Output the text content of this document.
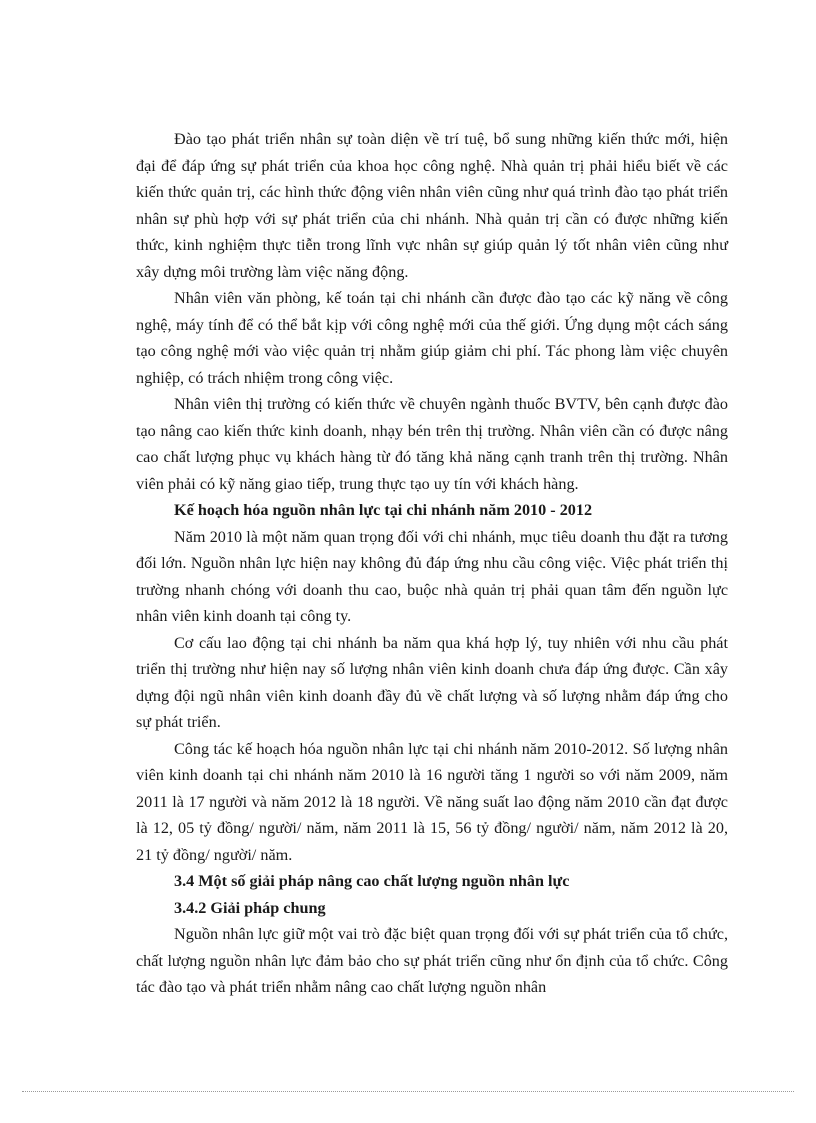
Đào tạo phát triển nhân sự toàn diện về trí tuệ, bổ sung những kiến thức mới, hiện đại để đáp ứng sự phát triển của khoa học công nghệ. Nhà quản trị phải hiểu biết về các kiến thức quản trị, các hình thức động viên nhân viên cũng như quá trình đào tạo phát triển nhân sự phù hợp với sự phát triển của chi nhánh. Nhà quản trị cần có được những kiến thức, kinh nghiệm thực tiễn trong lĩnh vực nhân sự giúp quản lý tốt nhân viên cũng như xây dựng môi trường làm việc năng động.

Nhân viên văn phòng, kế toán tại chi nhánh cần được đào tạo các kỹ năng về công nghệ, máy tính để có thể bắt kịp với công nghệ mới của thế giới. Ứng dụng một cách sáng tạo công nghệ mới vào việc quản trị nhằm giúp giảm chi phí. Tác phong làm việc chuyên nghiệp, có trách nhiệm trong công việc.

Nhân viên thị trường có kiến thức về chuyên ngành thuốc BVTV, bên cạnh được đào tạo nâng cao kiến thức kinh doanh, nhạy bén trên thị trường. Nhân viên cần có được nâng cao chất lượng phục vụ khách hàng từ đó tăng khả năng cạnh tranh trên thị trường. Nhân viên phải có kỹ năng giao tiếp, trung thực tạo uy tín với khách hàng.

Kế hoạch hóa nguồn nhân lực tại chi nhánh năm 2010 - 2012

Năm 2010 là một năm quan trọng đối với chi nhánh, mục tiêu doanh thu đặt ra tương đối lớn. Nguồn nhân lực hiện nay không đủ đáp ứng nhu cầu công việc. Việc phát triển thị trường nhanh chóng với doanh thu cao, buộc nhà quản trị phải quan tâm đến nguồn lực nhân viên kinh doanh tại công ty.

Cơ cấu lao động tại chi nhánh ba năm qua khá hợp lý, tuy nhiên với nhu cầu phát triển thị trường như hiện nay số lượng nhân viên kinh doanh chưa đáp ứng được. Cần xây dựng đội ngũ nhân viên kinh doanh đầy đủ về chất lượng và số lượng nhằm đáp ứng cho sự phát triển.

Công tác kế hoạch hóa nguồn nhân lực tại chi nhánh năm 2010-2012. Số lượng nhân viên kinh doanh tại chi nhánh năm 2010 là 16 người tăng 1 người so với năm 2009, năm 2011 là 17 người và năm 2012 là 18 người. Về năng suất lao động năm 2010 cần đạt được là 12, 05 tỷ đồng/ người/ năm, năm 2011 là 15, 56 tỷ đồng/ người/ năm, năm 2012 là 20, 21 tỷ đồng/ người/ năm.

3.4 Một số giải pháp nâng cao chất lượng nguồn nhân lực

3.4.2 Giải pháp chung

Nguồn nhân lực giữ một vai trò đặc biệt quan trọng đối với sự phát triển của tổ chức, chất lượng nguồn nhân lực đảm bảo cho sự phát triển cũng như ổn định của tổ chức. Công tác đào tạo và phát triển nhằm nâng cao chất lượng nguồn nhân
